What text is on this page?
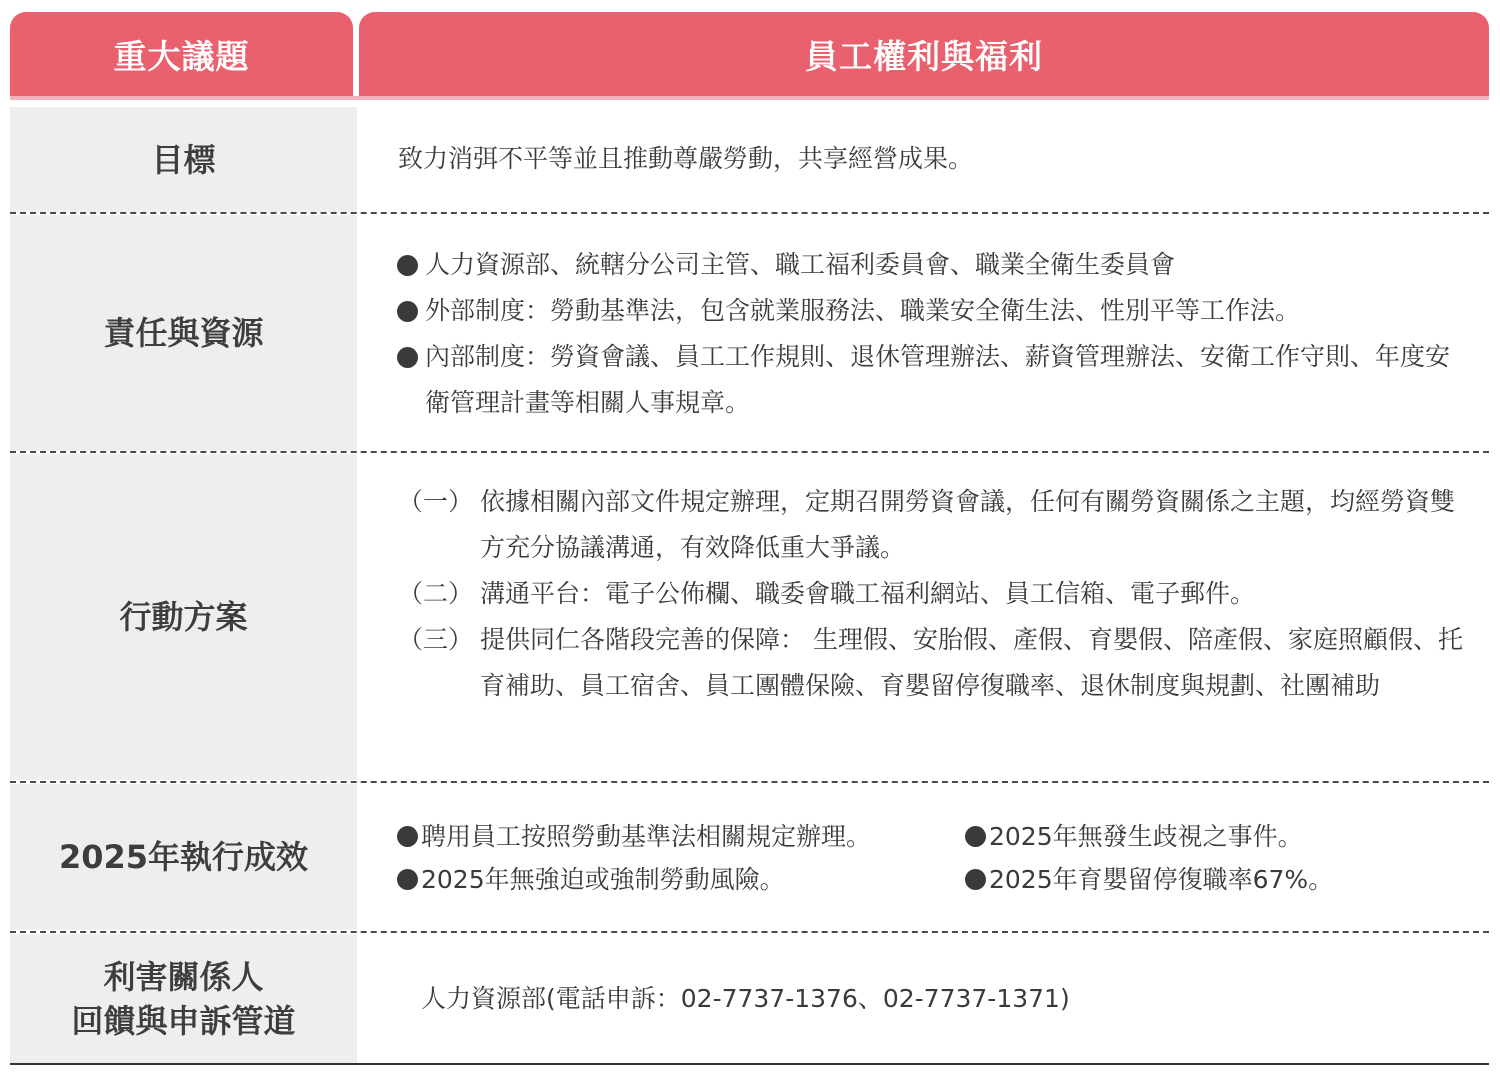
重大議題	員工權利與福利
目標	致力消弭不平等並且推動尊嚴勞動，共享經營成果。
責任與資源
人力資源部、統轄分公司主管、職工福利委員會、職業全衛生委員會
外部制度：勞動基準法，包含就業服務法、職業安全衛生法、性別平等工作法。
內部制度：勞資會議、員工工作規則、退休管理辦法、薪資管理辦法、安衛工作守則、年度安衛管理計畫等相關人事規章。
行動方案
（一） 依據相關內部文件規定辦理，定期召開勞資會議，任何有關勞資關係之主題，均經勞資雙方充分協議溝通，有效降低重大爭議。
（二） 溝通平台：電子公佈欄、職委會職工福利網站、員工信箱、電子郵件。
（三） 提供同仁各階段完善的保障： 生理假、安胎假、產假、育嬰假、陪產假、家庭照顧假、托育補助、員工宿舍、員工團體保險、育嬰留停復職率、退休制度與規劃、社團補助
2025年執行成效
聘用員工按照勞動基準法相關規定辦理。
2025年無強迫或強制勞動風險。
2025年無發生歧視之事件。
2025年育嬰留停復職率67%。
利害關係人
回饋與申訴管道
人力資源部(電話申訴：02-7737-1376、02-7737-1371)
